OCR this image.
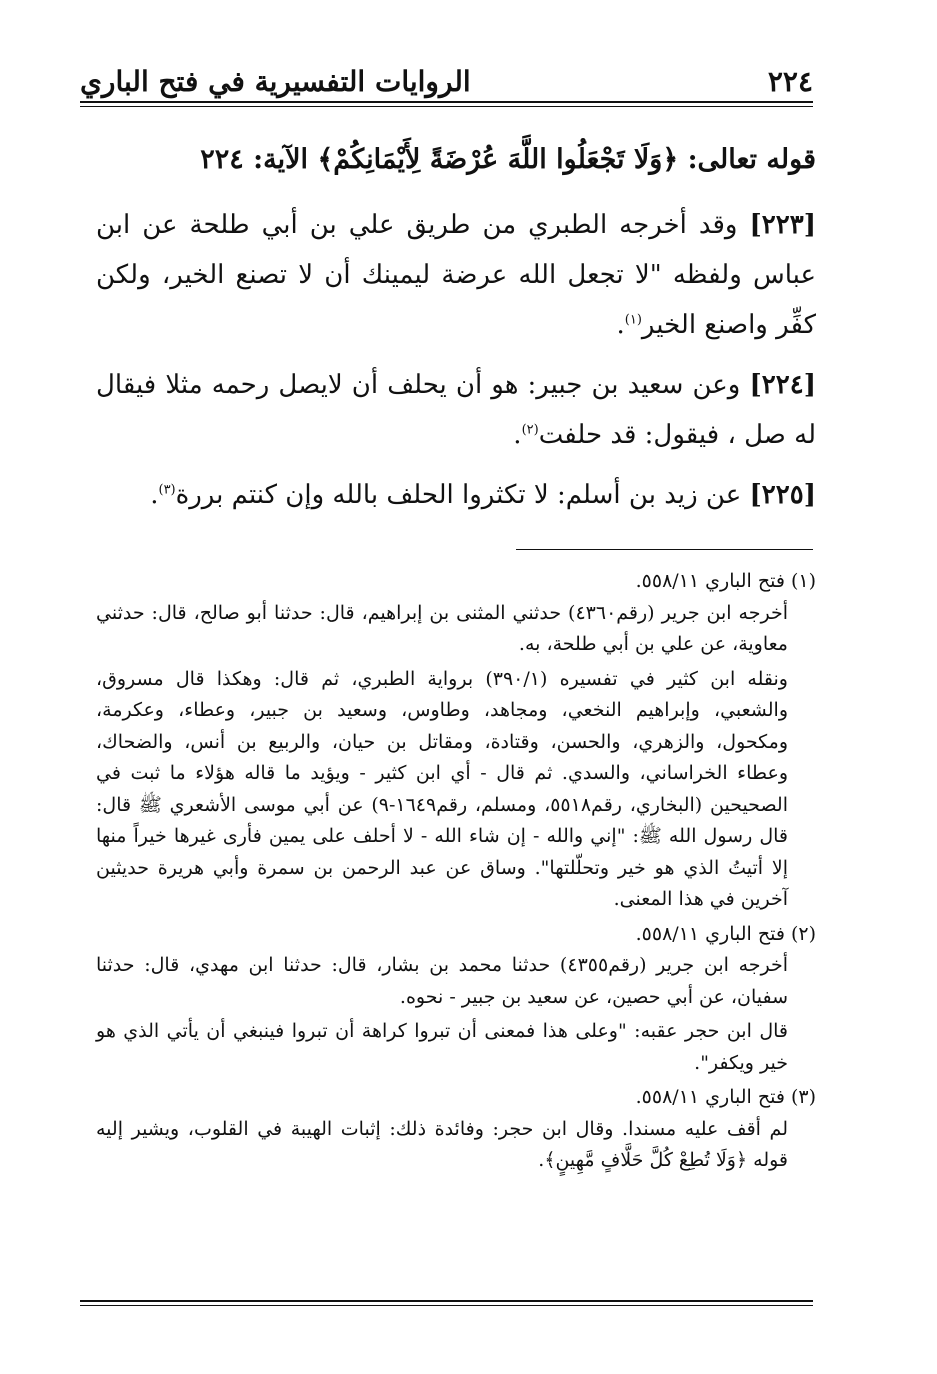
٢٢٤
الروايات التفسيرية في فتح الباري

قوله تعالى: ﴿وَلَا تَجْعَلُوا اللَّهَ عُرْضَةً لِأَيْمَانِكُمْ﴾ الآية: ٢٢٤

[٢٢٣] وقد أخرجه الطبري من طريق علي بن أبي طلحة عن ابن عباس ولفظه "لا تجعل الله عرضة ليمينك أن لا تصنع الخير، ولكن كفِّر واصنع الخير$^{(١)}$.

[٢٢٤] وعن سعيد بن جبير: هو أن يحلف أن لايصل رحمه مثلا فيقال له صل ، فيقول: قد حلفت$^{(٢)}$.

[٢٢٥] عن زيد بن أسلم: لا تكثروا الحلف بالله وإن كنتم بررة$^{(٣)}$.

(١) فتح الباري ٥٥٨/١١.

أخرجه ابن جرير (رقم٤٣٦٠) حدثني المثنى بن إبراهيم، قال: حدثنا أبو صالح، قال: حدثني معاوية، عن علي بن أبي طلحة، به.

ونقله ابن كثير في تفسيره (٣٩٠/١) برواية الطبري، ثم قال: وهكذا قال مسروق، والشعبي، وإبراهيم النخعي، ومجاهد، وطاوس، وسعيد بن جبير، وعطاء، وعكرمة، ومكحول، والزهري، والحسن، وقتادة، ومقاتل بن حيان، والربيع بن أنس، والضحاك، وعطاء الخراساني، والسدي. ثم قال - أي ابن كثير - ويؤيد ما قاله هؤلاء ما ثبت في الصحيحين (البخاري، رقم٥٥١٨، ومسلم، رقم١٦٤٩-٩) عن أبي موسى الأشعري ﷺ قال: قال رسول الله ﷺ: "إني والله - إن شاء الله - لا أحلف على يمين فأرى غيرها خيراً منها إلا أتيتُ الذي هو خير وتحلّلتها". وساق عن عبد الرحمن بن سمرة وأبي هريرة حديثين آخرين في هذا المعنى.

(٢) فتح الباري ٥٥٨/١١.

أخرجه ابن جرير (رقم٤٣٥٥) حدثنا محمد بن بشار، قال: حدثنا ابن مهدي، قال: حدثنا سفيان، عن أبي حصين، عن سعيد بن جبير - نحوه.

قال ابن حجر عقبه: "وعلى هذا فمعنى أن تبروا كراهة أن تبروا فينبغي أن يأتي الذي هو خير ويكفر".

(٣) فتح الباري ٥٥٨/١١.

لم أقف عليه مسندا. وقال ابن حجر: وفائدة ذلك: إثبات الهيبة في القلوب، ويشير إليه قوله ﴿وَلَا تُطِعْ كُلَّ حَلَّافٍ مَّهِينٍ﴾.
